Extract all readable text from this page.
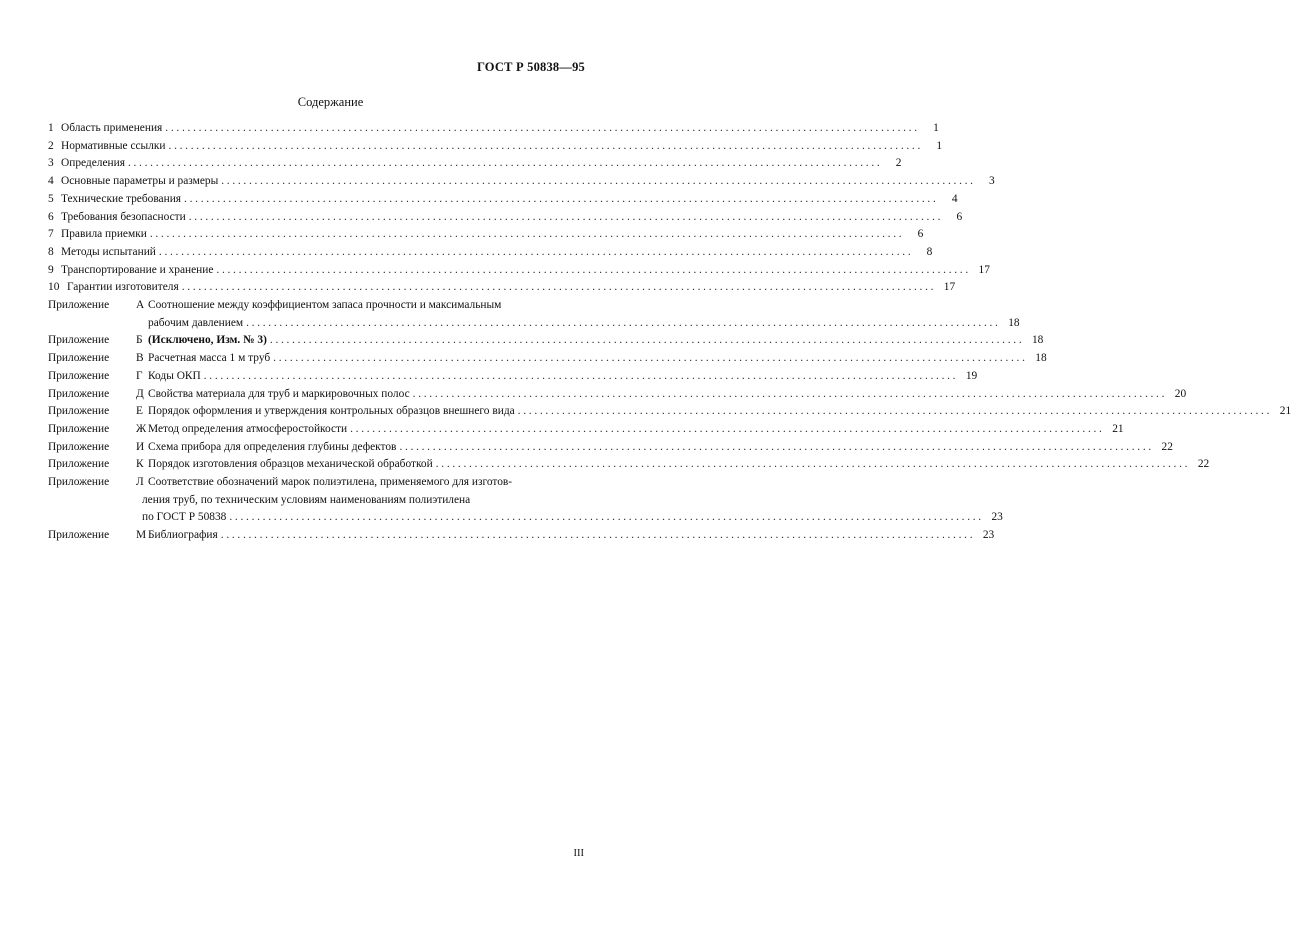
ГОСТ Р 50838—95
Содержание
1 Область применения ........................................................................................................................................	1
2 Нормативные ссылки ........................................................................................................................................	1
3 Определения ........................................................................................................................................	2
4 Основные параметры и размеры ........................................................................................................................................	3
5 Технические требования ........................................................................................................................................	4
6 Требования безопасности ........................................................................................................................................	6
7 Правила приемки ........................................................................................................................................	6
8 Методы испытаний ........................................................................................................................................	8
9 Транспортирование и хранение ........................................................................................................................................ 17
10 Гарантии изготовителя ........................................................................................................................................ 17
Приложение	А Соотношение между коэффициентом запаса прочности и максимальным
рабочим давлением ........................................................................................................................................ 18
Приложение	Б (Исключено, Изм. № 3) ........................................................................................................................................ 18
Приложение	В Расчетная масса 1 м труб ........................................................................................................................................ 18
Приложение	Г Коды ОКП ........................................................................................................................................ 19
Приложение	Д Свойства материала для труб и маркировочных полос ........................................................................................................................................ 20
Приложение	Е Порядок оформления и утверждения контрольных образцов внешнего вида ........................................................................................................................................ 21
Приложение	Ж Метод определения атмосферостойкости ........................................................................................................................................ 21
Приложение	И Схема прибора для определения глубины дефектов ........................................................................................................................................ 22
Приложение	К Порядок изготовления образцов механической обработкой ........................................................................................................................................ 22
Приложение	Л Соответствие обозначений марок полиэтилена, применяемого для изготов-
ления труб, по техническим условиям наименованиям полиэтилена
по ГОСТ Р 50838 ........................................................................................................................................ 23
Приложение	М Библиография ........................................................................................................................................ 23
III
